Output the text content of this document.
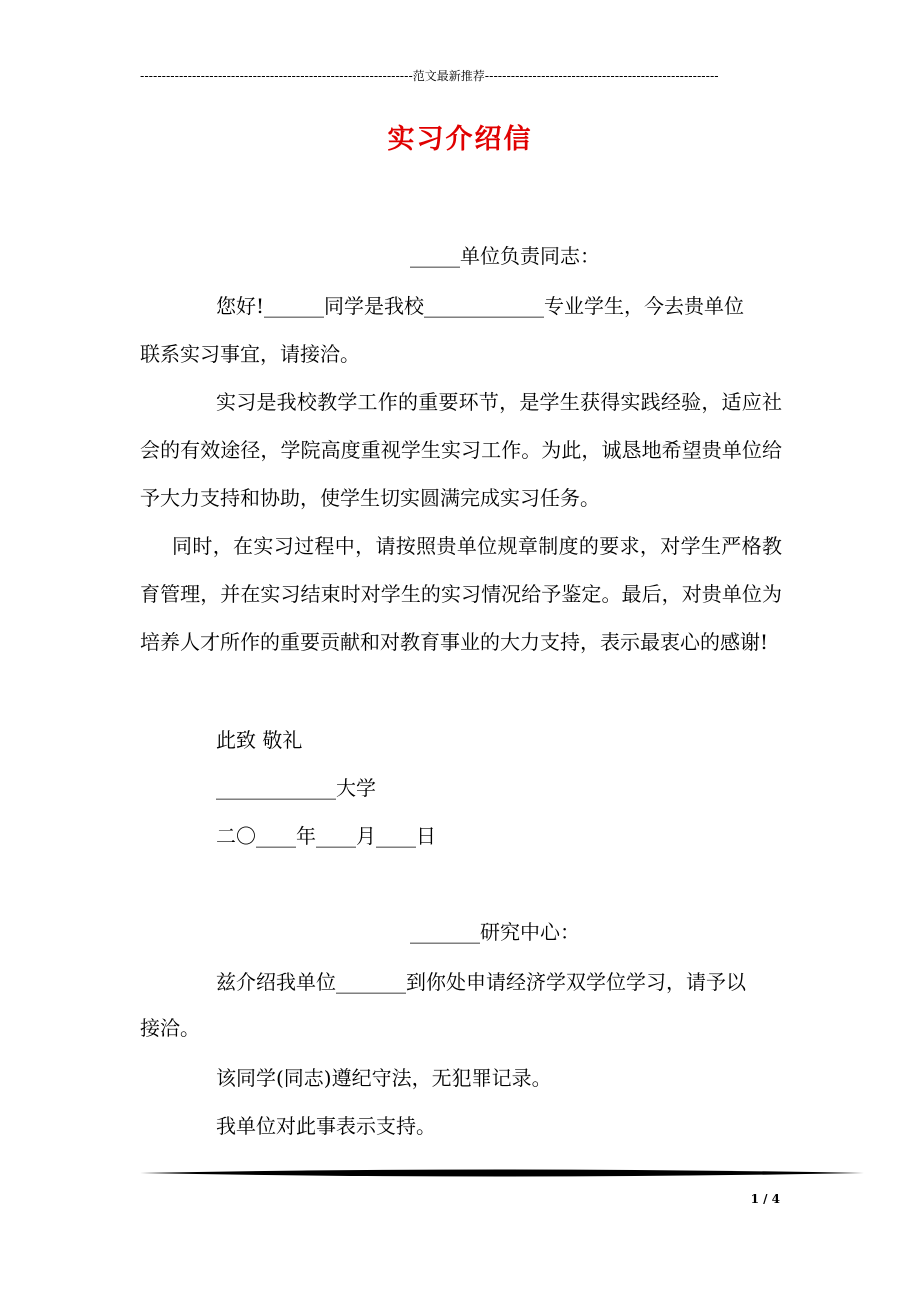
---------------------------------------------------------------范文最新推荐------------------------------------------------------
实习介绍信
_____单位负责同志：
您好!______同学是我校____________专业学生，今去贵单位
联系实习事宜，请接洽。
实习是我校教学工作的重要环节，是学生获得实践经验，适应社会的有效途径，学院高度重视学生实习工作。为此，诚恳地希望贵单位给予大力支持和协助，使学生切实圆满完成实习任务。
同时，在实习过程中，请按照贵单位规章制度的要求，对学生严格教育管理，并在实习结束时对学生的实习情况给予鉴定。最后，对贵单位为培养人才所作的重要贡献和对教育事业的大力支持，表示最衷心的感谢!
此致 敬礼
____________大学
二〇____年____月____日
_______研究中心：
兹介绍我单位_______到你处申请经济学双学位学习，请予以
接洽。
该同学(同志)遵纪守法，无犯罪记录。
我单位对此事表示支持。
1 / 4
